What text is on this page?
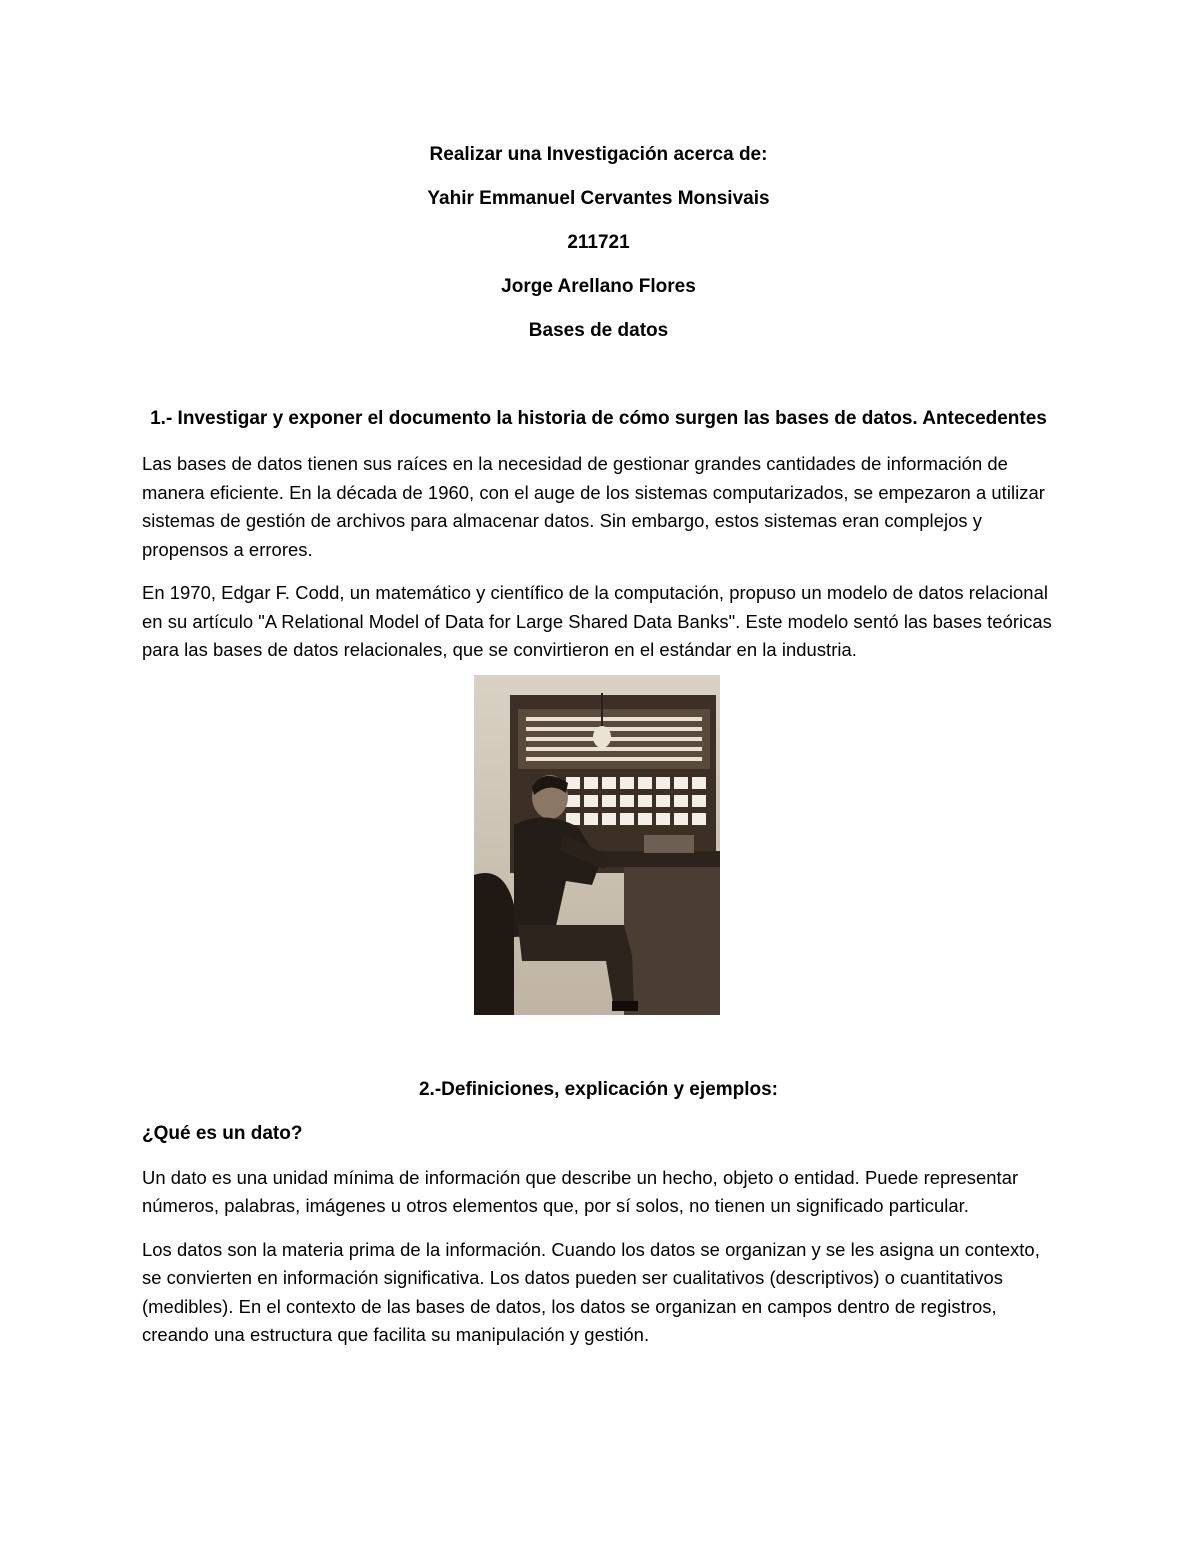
Realizar una Investigación acerca de:

Yahir Emmanuel Cervantes Monsivais

211721

Jorge Arellano Flores

Bases de datos

1.- Investigar y exponer el documento la historia de cómo surgen las bases de datos. Antecedentes

Las bases de datos tienen sus raíces en la necesidad de gestionar grandes cantidades de información de manera eficiente. En la década de 1960, con el auge de los sistemas computarizados, se empezaron a utilizar sistemas de gestión de archivos para almacenar datos. Sin embargo, estos sistemas eran complejos y propensos a errores.

En 1970, Edgar F. Codd, un matemático y científico de la computación, propuso un modelo de datos relacional en su artículo "A Relational Model of Data for Large Shared Data Banks". Este modelo sentó las bases teóricas para las bases de datos relacionales, que se convirtieron en el estándar en la industria.

2.-Definiciones, explicación y ejemplos:

¿Qué es un dato?

Un dato es una unidad mínima de información que describe un hecho, objeto o entidad. Puede representar números, palabras, imágenes u otros elementos que, por sí solos, no tienen un significado particular.

Los datos son la materia prima de la información. Cuando los datos se organizan y se les asigna un contexto, se convierten en información significativa. Los datos pueden ser cualitativos (descriptivos) o cuantitativos (medibles). En el contexto de las bases de datos, los datos se organizan en campos dentro de registros, creando una estructura que facilita su manipulación y gestión.
